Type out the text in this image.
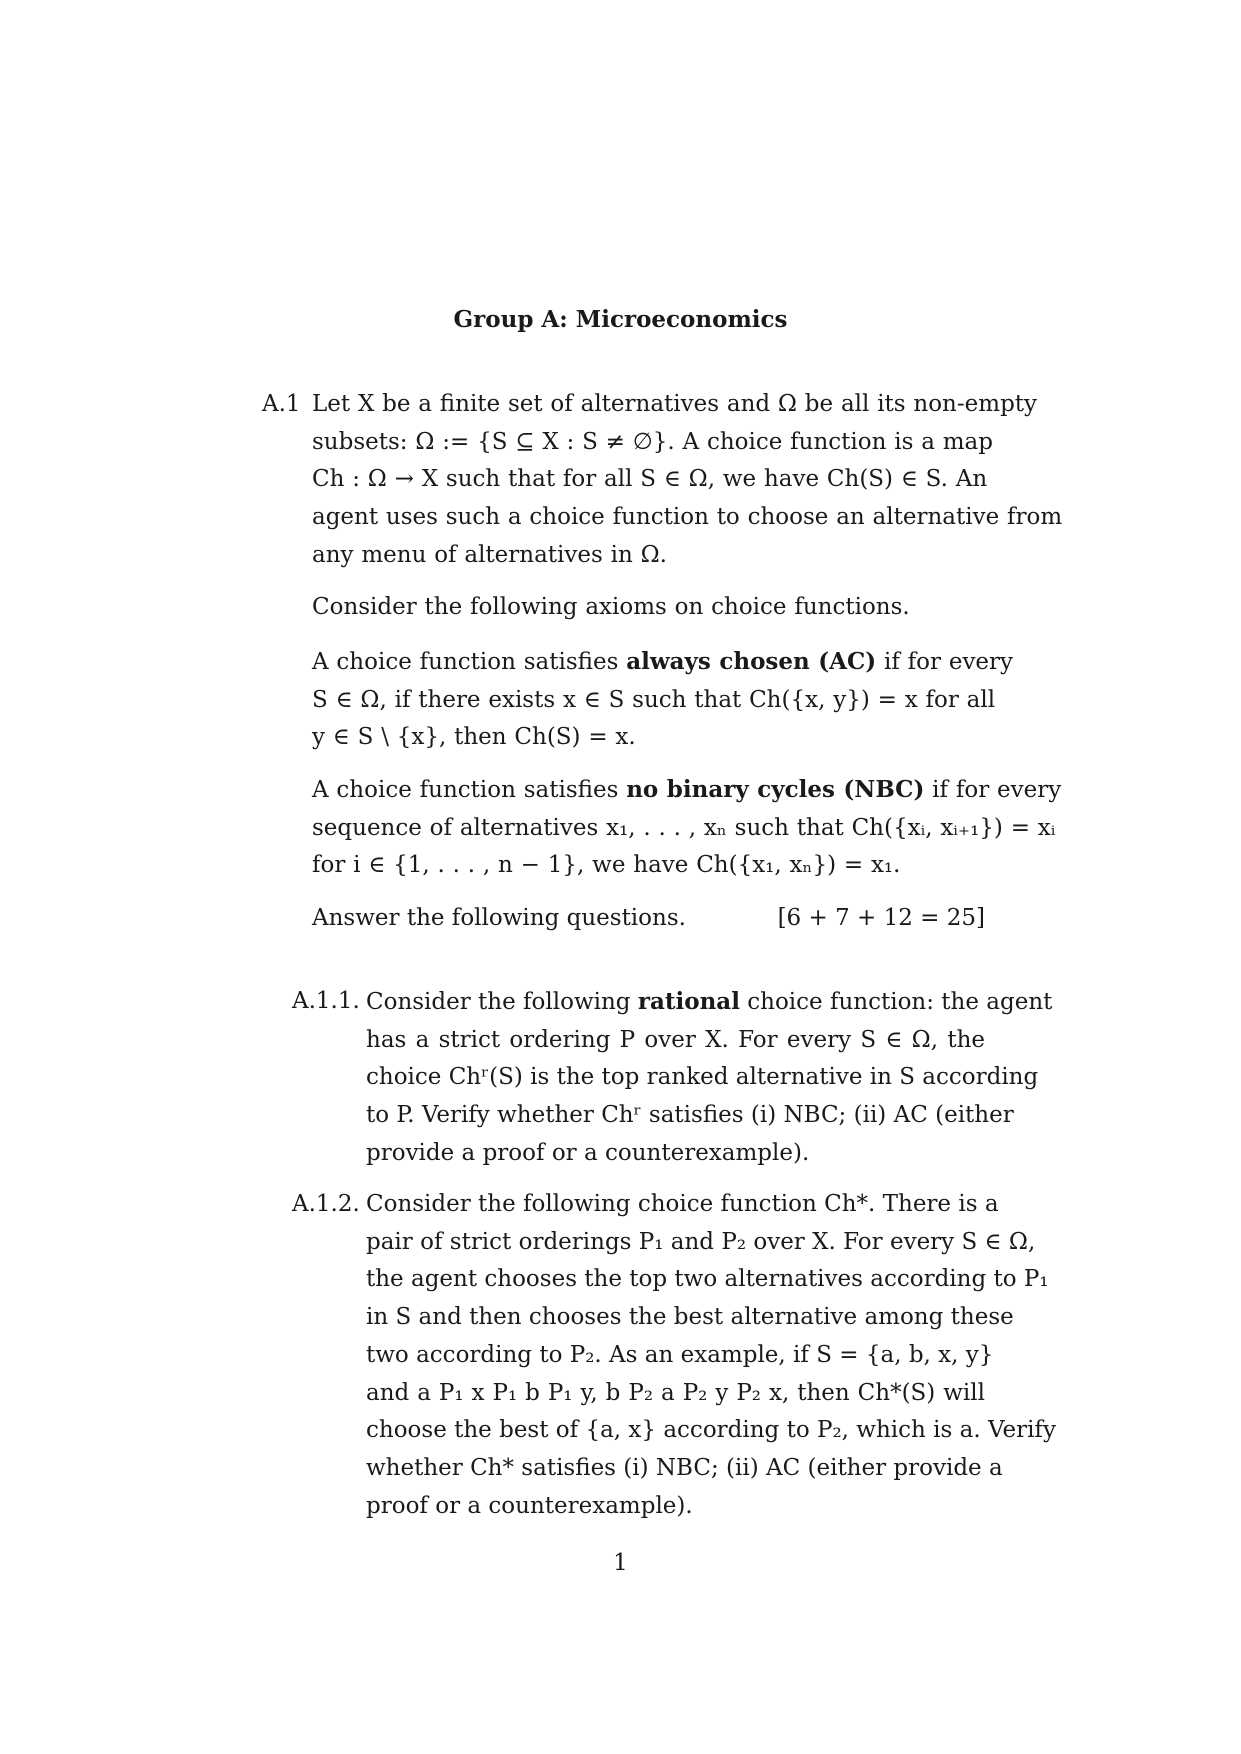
Group A: Microeconomics
A.1 Let X be a finite set of alternatives and Ω be all its non-empty
subsets: Ω := {S ⊆ X : S ≠ ∅}. A choice function is a map
Ch : Ω → X such that for all S ∈ Ω, we have Ch(S) ∈ S. An
agent uses such a choice function to choose an alternative from
any menu of alternatives in Ω.
Consider the following axioms on choice functions.
A choice function satisfies always chosen (AC) if for every
S ∈ Ω, if there exists x ∈ S such that Ch({x, y}) = x for all
y ∈ S \ {x}, then Ch(S) = x.
A choice function satisfies no binary cycles (NBC) if for every
sequence of alternatives x₁, . . . , xₙ such that Ch({xᵢ, xᵢ₊₁}) = xᵢ
for i ∈ {1, . . . , n − 1}, we have Ch({x₁, xₙ}) = x₁.
Answer the following questions.	[6 + 7 + 12 = 25]
A.1.1. Consider the following rational choice function: the agent
has a strict ordering P over X. For every S ∈ Ω, the
choice Chʳ(S) is the top ranked alternative in S according
to P. Verify whether Chʳ satisfies (i) NBC; (ii) AC (either
provide a proof or a counterexample).
A.1.2. Consider the following choice function Ch*. There is a
pair of strict orderings P₁ and P₂ over X. For every S ∈ Ω,
the agent chooses the top two alternatives according to P₁
in S and then chooses the best alternative among these
two according to P₂. As an example, if S = {a, b, x, y}
and a P₁ x P₁ b P₁ y, b P₂ a P₂ y P₂ x, then Ch*(S) will
choose the best of {a, x} according to P₂, which is a. Verify
whether Ch* satisfies (i) NBC; (ii) AC (either provide a
proof or a counterexample).
1
